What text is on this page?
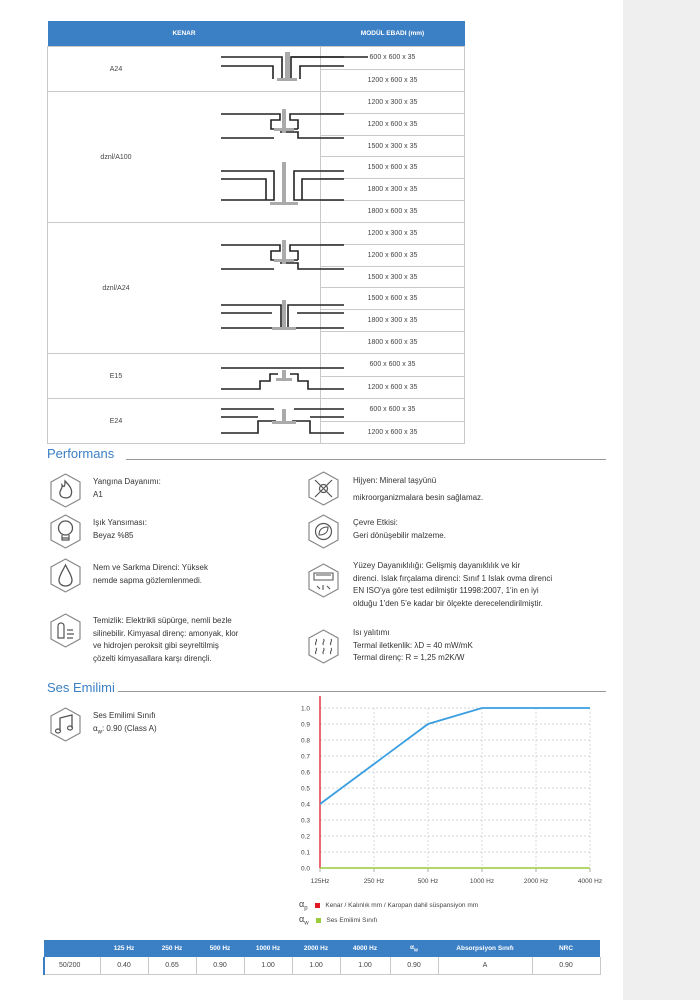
KENAR		MODÜL EBADI (mm)
A24		600 x 600 x 35
		1200 x 600 x 35
dznl/A100		1200 x 300 x 35
		1200 x 600 x 35
		1500 x 300 x 35
		1500 x 600 x 35
		1800 x 300 x 35
		1800 x 600 x 35
dznl/A24		1200 x 300 x 35
		1200 x 600 x 35
		1500 x 300 x 35
		1500 x 600 x 35
		1800 x 300 x 35
		1800 x 600 x 35
E15		600 x 600 x 35
		1200 x 600 x 35
E24		600 x 600 x 35
		1200 x 600 x 35
Performans
Yangına Dayanımı:
A1
Işık Yansıması:
Beyaz %85
Nem ve Sarkma Direnci: Yüksek
nemde sapma gözlemlenmedi.
Temizlik: Elektrikli süpürge, nemli bezle
silinebilir. Kimyasal direnç: amonyak, klor
ve hidrojen peroksit gibi seyreltilmiş
çözelti kimyasallara karşı dirençli.
Hijyen: Mineral taşyünü
mikroorganizmalara besin sağlamaz.
Çevre Etkisi:
Geri dönüşebilir malzeme.
Yüzey Dayanıklılığı: Gelişmiş dayanıklılık ve kir
direnci. Islak fırçalama direnci: Sınıf 1 Islak ovma direnci
EN ISO'ya göre test edilmiştir 11998:2007, 1'in en iyi
olduğu 1'den 5'e kadar bir ölçekte derecelendirilmiştir.
Isı yalıtımı
Termal iletkenlik: λD = 40 mW/mK
Termal direnç: R = 1,25 m2K/W
Ses Emilimi
Ses Emilimi Sınıfı
$\alpha_w$: 0.90 (Class A)
0.0
0.1
0.2
0.3
0.4
0.5
0.6
0.7
0.8
0.9
1.0
125Hz	250 Hz	500 Hz	1000 Hz	2000 Hz	4000 Hz
$\alpha_p$	Kenar / Kalınlık mm / Karopan dahil süspansiyon mm
$\alpha_w$	Ses Emilimi Sınıfı
	125 Hz	250 Hz	500 Hz	1000 Hz	2000 Hz	4000 Hz	$\alpha_w$	Absorpsiyon Sınıfı	NRC
50/200	0.40	0.65	0.90	1.00	1.00	1.00	0.90	A	0.90
